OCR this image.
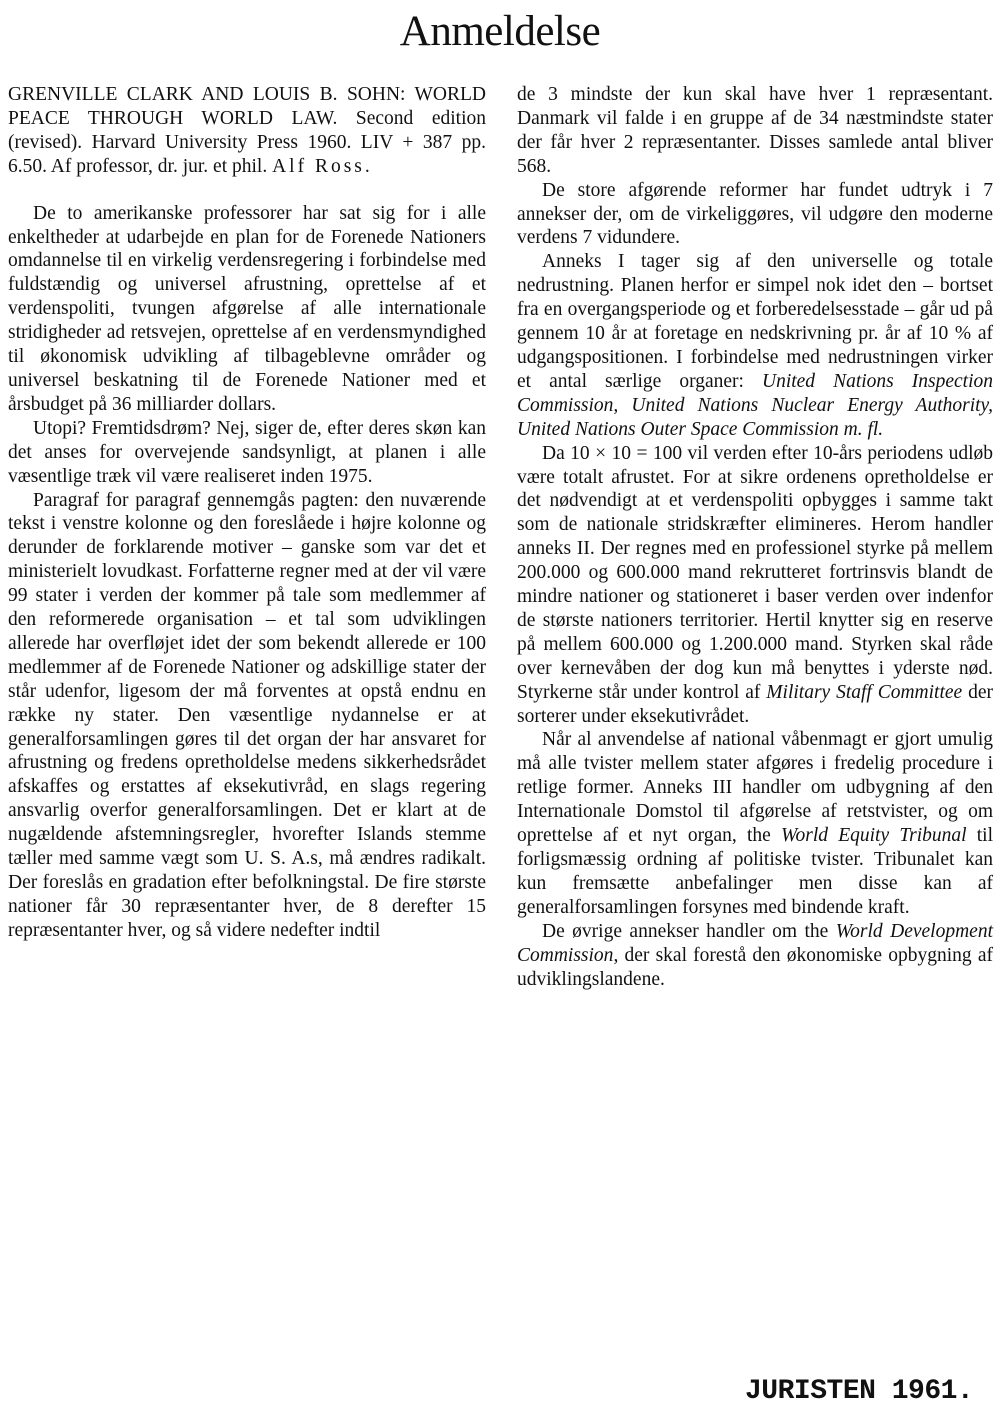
Anmeldelse

GRENVILLE CLARK AND LOUIS B. SOHN: WORLD PEACE THROUGH WORLD LAW. Second edition (revised). Harvard University Press 1960. LIV + 387 pp. 6.50. Af professor, dr. jur. et phil. Alf Ross.

De to amerikanske professorer har sat sig for i alle enkeltheder at udarbejde en plan for de Forenede Nationers omdannelse til en virkelig verdensregering i forbindelse med fuldstændig og universel afrustning, oprettelse af et verdenspoliti, tvungen afgørelse af alle internationale stridigheder ad retsvejen, oprettelse af en verdensmyndighed til økonomisk udvikling af tilbageblevne områder og universel beskatning til de Forenede Nationer med et årsbudget på 36 milliarder dollars.

Utopi? Fremtidsdrøm? Nej, siger de, efter deres skøn kan det anses for overvejende sandsynligt, at planen i alle væsentlige træk vil være realiseret inden 1975.

Paragraf for paragraf gennemgås pagten: den nuværende tekst i venstre kolonne og den foreslåede i højre kolonne og derunder de forklarende motiver – ganske som var det et ministerielt lovudkast. Forfatterne regner med at der vil være 99 stater i verden der kommer på tale som medlemmer af den reformerede organisation – et tal som udviklingen allerede har overfløjet idet der som bekendt allerede er 100 medlemmer af de Forenede Nationer og adskillige stater der står udenfor, ligesom der må forventes at opstå endnu en række ny stater. Den væsentlige nydannelse er at generalforsamlingen gøres til det organ der har ansvaret for afrustning og fredens opretholdelse medens sikkerhedsrådet afskaffes og erstattes af eksekutivråd, en slags regering ansvarlig overfor generalforsamlingen. Det er klart at de nugældende afstemningsregler, hvorefter Islands stemme tæller med samme vægt som U. S. A.s, må ændres radikalt. Der foreslås en gradation efter befolkningstal. De fire største nationer får 30 repræsentanter hver, de 8 derefter 15 repræsentanter hver, og så videre nedefter indtil

de 3 mindste der kun skal have hver 1 repræsentant. Danmark vil falde i en gruppe af de 34 næstmindste stater der får hver 2 repræsentanter. Disses samlede antal bliver 568.

De store afgørende reformer har fundet udtryk i 7 annekser der, om de virkeliggøres, vil udgøre den moderne verdens 7 vidundere.

Anneks I tager sig af den universelle og totale nedrustning. Planen herfor er simpel nok idet den – bortset fra en overgangsperiode og et forberedelsesstade – går ud på gennem 10 år at foretage en nedskrivning pr. år af 10 % af udgangspositionen. I forbindelse med nedrustningen virker et antal særlige organer: United Nations Inspection Commission, United Nations Nuclear Energy Authority, United Nations Outer Space Commission m. fl.

Da 10 × 10 = 100 vil verden efter 10-års periodens udløb være totalt afrustet. For at sikre ordenens opretholdelse er det nødvendigt at et verdenspoliti opbygges i samme takt som de nationale stridskræfter elimineres. Herom handler anneks II. Der regnes med en professionel styrke på mellem 200.000 og 600.000 mand rekrutteret fortrinsvis blandt de mindre nationer og stationeret i baser verden over indenfor de største nationers territorier. Hertil knytter sig en reserve på mellem 600.000 og 1.200.000 mand. Styrken skal råde over kernevåben der dog kun må benyttes i yderste nød. Styrkerne står under kontrol af Military Staff Committee der sorterer under eksekutivrådet.

Når al anvendelse af national våbenmagt er gjort umulig må alle tvister mellem stater afgøres i fredelig procedure i retlige former. Anneks III handler om udbygning af den Internationale Domstol til afgørelse af retstvister, og om oprettelse af et nyt organ, the World Equity Tribunal til forligsmæssig ordning af politiske tvister. Tribunalet kan kun fremsætte anbefalinger men disse kan af generalforsamlingen forsynes med bindende kraft.

De øvrige annekser handler om the World Development Commission, der skal forestå den økonomiske opbygning af udviklingslandene.

JURISTEN 1961.
